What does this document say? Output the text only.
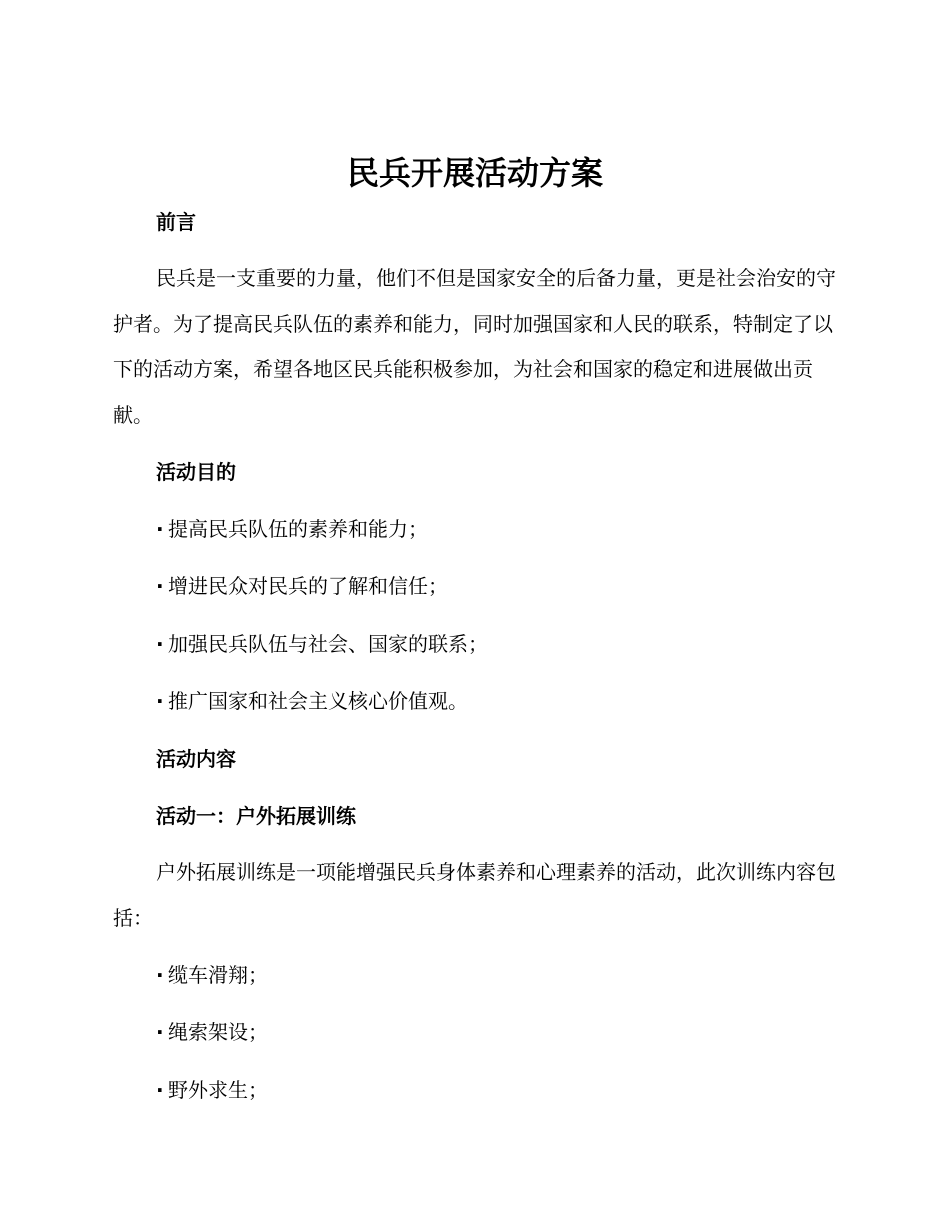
民兵开展活动方案
前言

民兵是一支重要的力量，他们不但是国家安全的后备力量，更是社会治安的守护者。为了提高民兵队伍的素养和能力，同时加强国家和人民的联系，特制定了以下的活动方案，希望各地区民兵能积极参加，为社会和国家的稳定和进展做出贡献。

活动目的
· 提高民兵队伍的素养和能力；
· 增进民众对民兵的了解和信任；
· 加强民兵队伍与社会、国家的联系；
· 推广国家和社会主义核心价值观。
活动内容
活动一：户外拓展训练

户外拓展训练是一项能增强民兵身体素养和心理素养的活动，此次训练内容包括：

· 缆车滑翔；
· 绳索架设；
· 野外求生；
